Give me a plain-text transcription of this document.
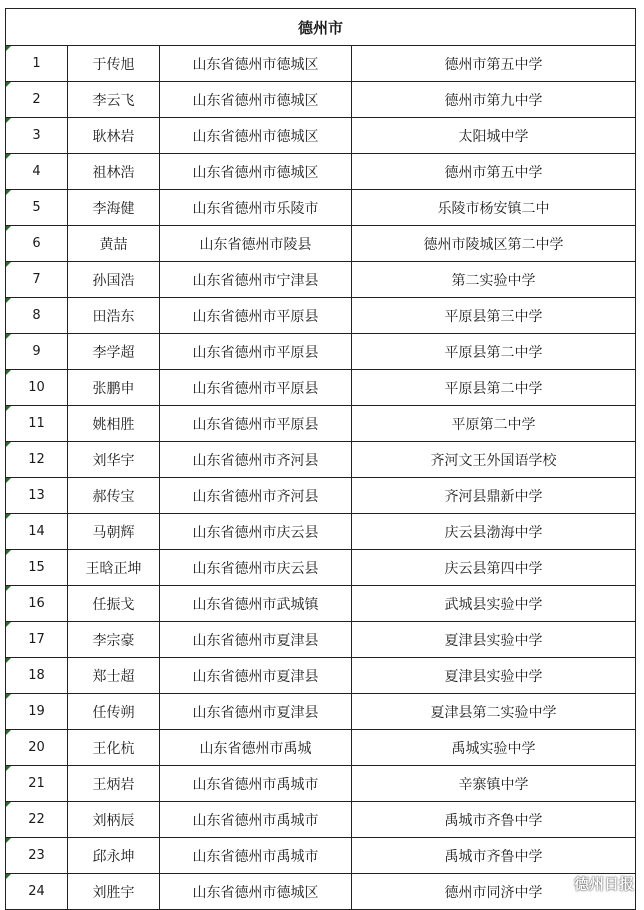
德州市			

1	于传旭	山东省德州市德城区	德州市第五中学

2	李云飞	山东省德州市德城区	德州市第九中学

3	耿林岩	山东省德州市德城区	太阳城中学

4	祖林浩	山东省德州市德城区	德州市第五中学

5	李海健	山东省德州市乐陵市	乐陵市杨安镇二中

6	黄喆	山东省德州市陵县	德州市陵城区第二中学

7	孙国浩	山东省德州市宁津县	第二实验中学

8	田浩东	山东省德州市平原县	平原县第三中学

9	李学超	山东省德州市平原县	平原县第二中学

10	张鹏申	山东省德州市平原县	平原县第二中学

11	姚相胜	山东省德州市平原县	平原第二中学

12	刘华宇	山东省德州市齐河县	齐河文王外国语学校

13	郝传宝	山东省德州市齐河县	齐河县鼎新中学

14	马朝辉	山东省德州市庆云县	庆云县渤海中学

15	王晗正坤	山东省德州市庆云县	庆云县第四中学

16	任振戈	山东省德州市武城镇	武城县实验中学

17	李宗豪	山东省德州市夏津县	夏津县实验中学

18	郑士超	山东省德州市夏津县	夏津县实验中学

19	任传朔	山东省德州市夏津县	夏津县第二实验中学

20	王化杭	山东省德州市禹城	禹城实验中学

21	王炳岩	山东省德州市禹城市	辛寨镇中学

22	刘柄辰	山东省德州市禹城市	禹城市齐鲁中学

23	邱永坤	山东省德州市禹城市	禹城市齐鲁中学

24	刘胜宇	山东省德州市德城区	德州市同济中学 德州日报
